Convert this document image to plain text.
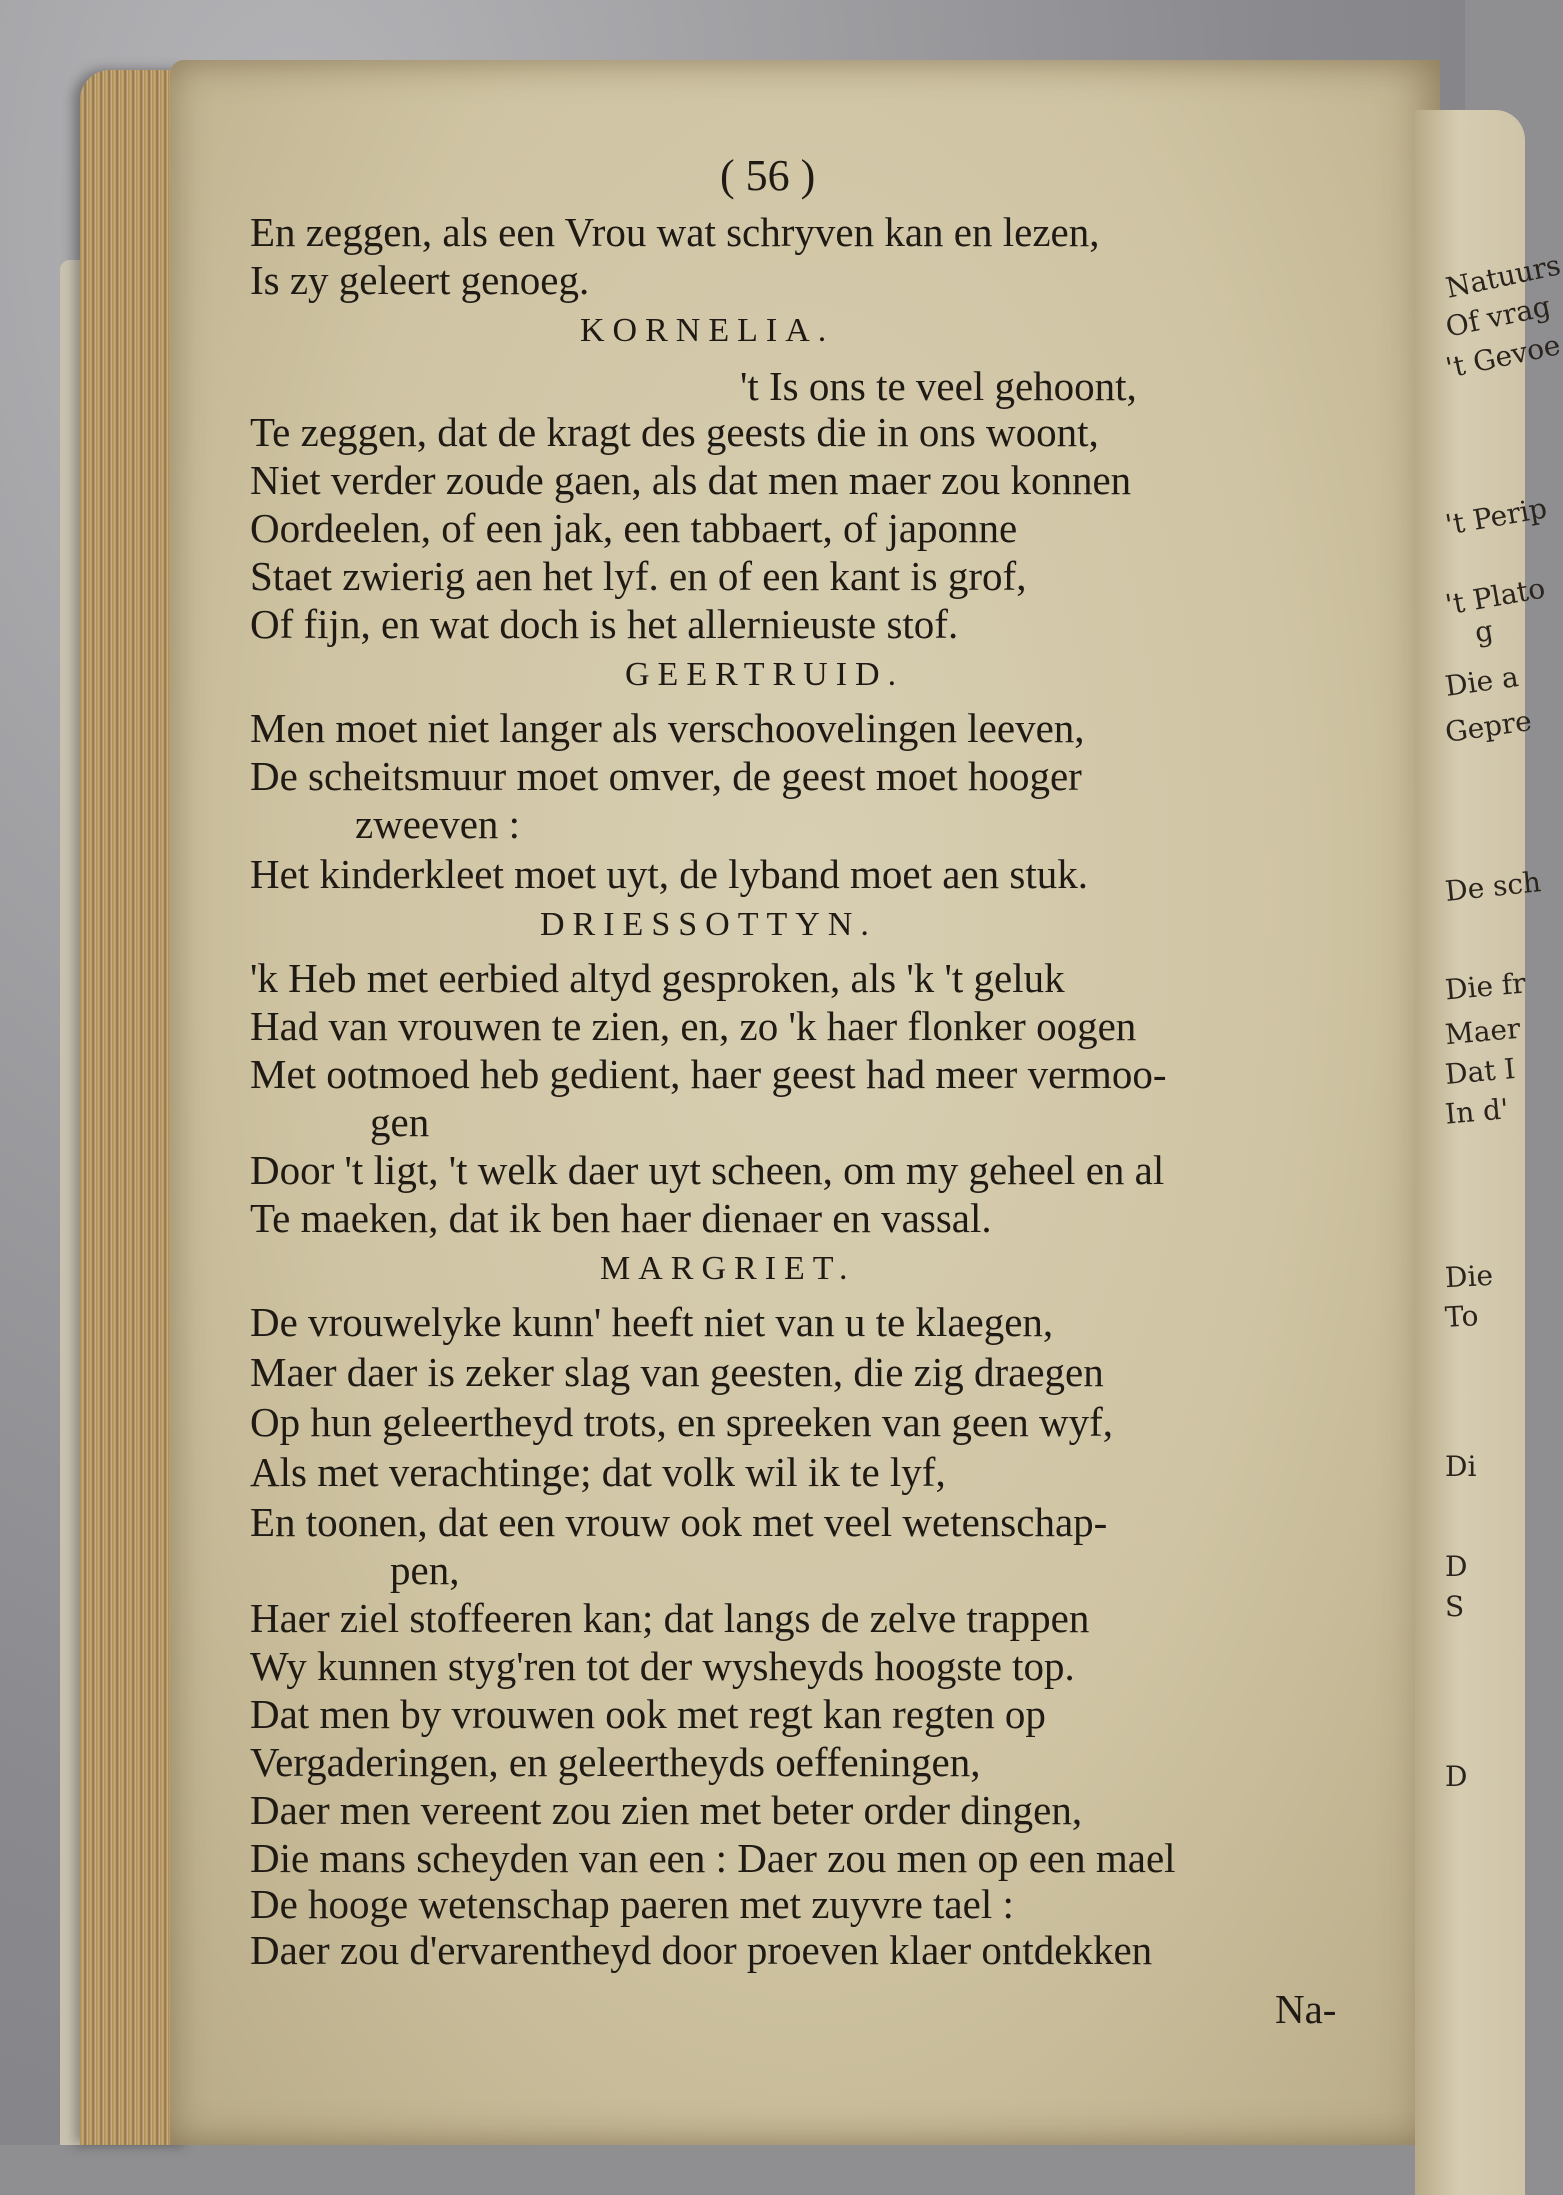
Natuurs
Of vrag
't Gevoe
't Perip
't Plato
g
Die a
Gepre
De sch
Die fr
Maer
Dat I
In d'
Die
To
Di
D
S
D
( 56 )
En zeggen, als een Vrou wat schryven kan en lezen,
Is zy geleert genoeg.
KORNELIA.
't Is ons te veel gehoont,
Te zeggen, dat de kragt des geests die in ons woont,
Niet verder zoude gaen, als dat men maer zou konnen
Oordeelen, of een jak, een tabbaert, of japonne
Staet zwierig aen het lyf. en of een kant is grof,
Of fijn, en wat doch is het allernieuste stof.
GEERTRUID.
Men moet niet langer als verschoovelingen leeven,
De scheitsmuur moet omver, de geest moet hooger
zweeven :
Het kinderkleet moet uyt, de lyband moet aen stuk.
DRIESSOTTYN.
'k Heb met eerbied altyd gesproken, als 'k 't geluk
Had van vrouwen te zien, en, zo 'k haer flonker oogen
Met ootmoed heb gedient, haer geest had meer vermoo-
gen
Door 't ligt, 't welk daer uyt scheen, om my geheel en al
Te maeken, dat ik ben haer dienaer en vassal.
MARGRIET.
De vrouwelyke kunn' heeft niet van u te klaegen,
Maer daer is zeker slag van geesten, die zig draegen
Op hun geleertheyd trots, en spreeken van geen wyf,
Als met verachtinge; dat volk wil ik te lyf,
En toonen, dat een vrouw ook met veel wetenschap-
pen,
Haer ziel stoffeeren kan; dat langs de zelve trappen
Wy kunnen styg'ren tot der wysheyds hoogste top.
Dat men by vrouwen ook met regt kan regten op
Vergaderingen, en geleertheyds oeffeningen,
Daer men vereent zou zien met beter order dingen,
Die mans scheyden van een : Daer zou men op een mael
De hooge wetenschap paeren met zuyvre tael :
Daer zou d'ervarentheyd door proeven klaer ontdekken
Na-
